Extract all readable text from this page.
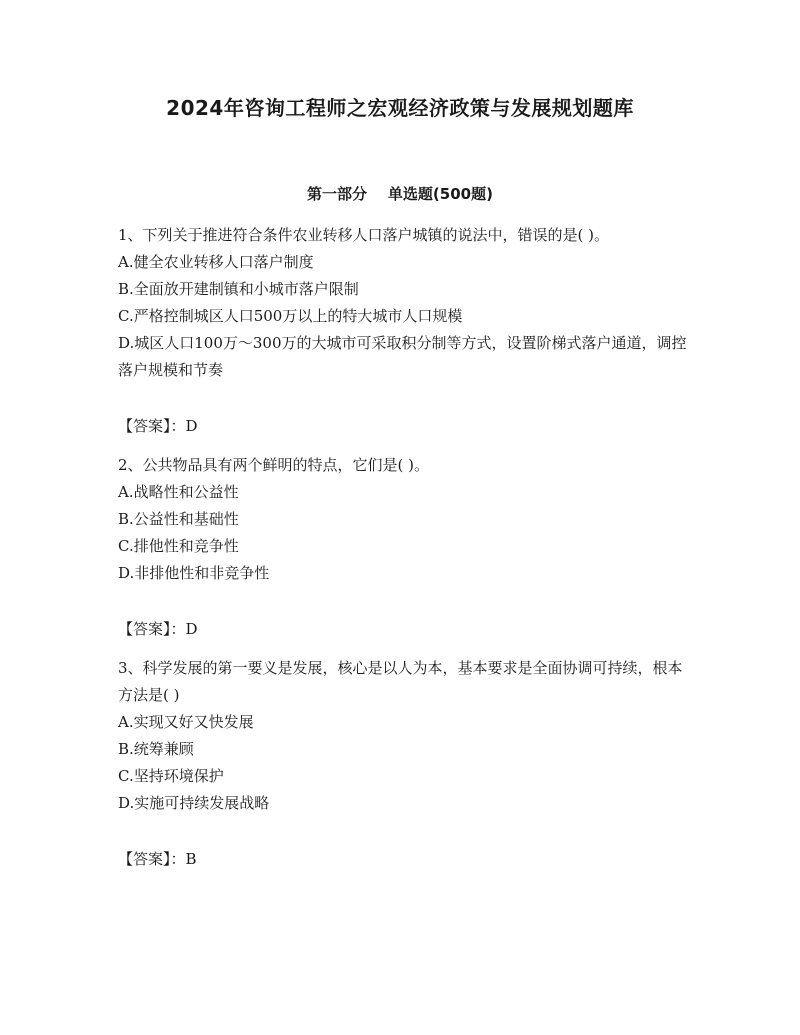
2024年咨询工程师之宏观经济政策与发展规划题库
第一部分    单选题(500题)

1、下列关于推进符合条件农业转移人口落户城镇的说法中，错误的是( )。

A.健全农业转移人口落户制度

B.全面放开建制镇和小城市落户限制

C.严格控制城区人口500万以上的特大城市人口规模

D.城区人口100万～300万的大城市可采取积分制等方式，设置阶梯式落户通道，调控落户规模和节奏

【答案】：D

2、公共物品具有两个鲜明的特点，它们是( )。

A.战略性和公益性

B.公益性和基础性

C.排他性和竞争性

D.非排他性和非竞争性

【答案】：D

3、科学发展的第一要义是发展，核心是以人为本，基本要求是全面协调可持续，根本方法是( )

A.实现又好又快发展

B.统筹兼顾

C.坚持环境保护

D.实施可持续发展战略

【答案】：B
